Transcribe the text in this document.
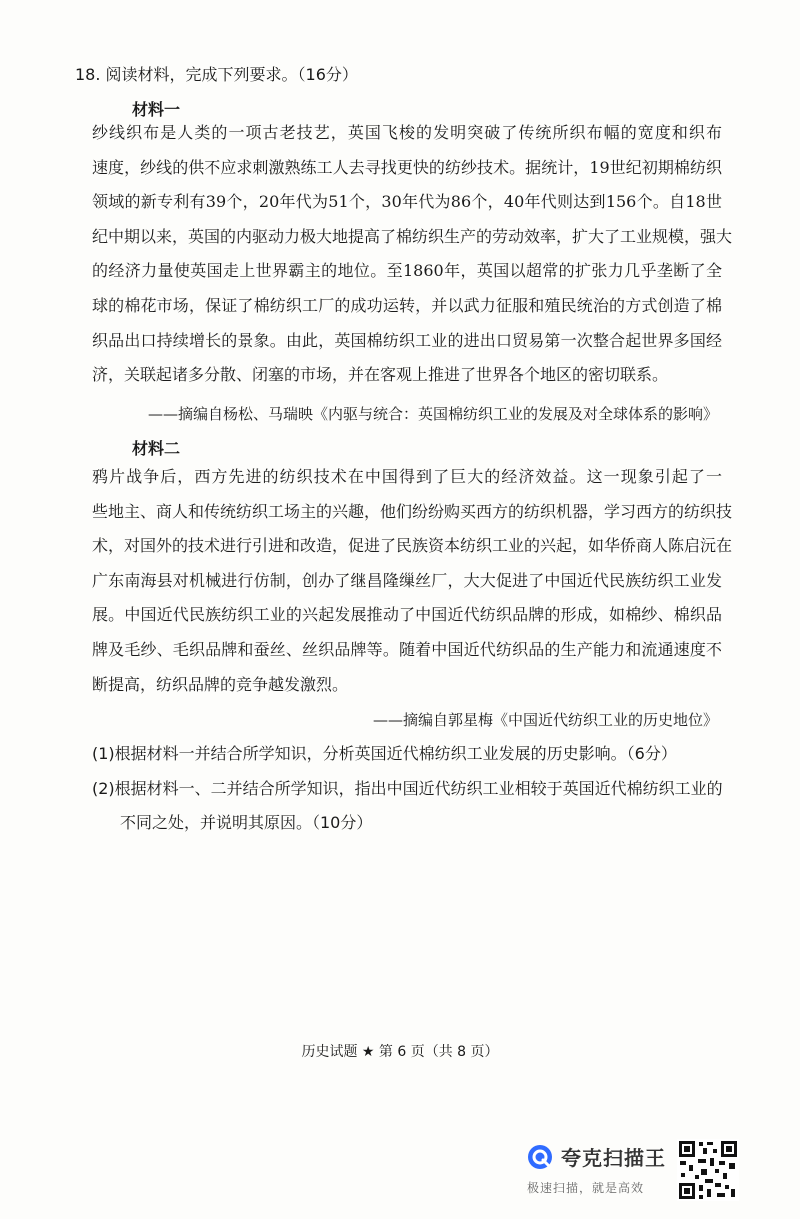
18. 阅读材料，完成下列要求。（16分）
材料一
纱线织布是人类的一项古老技艺，英国飞梭的发明突破了传统所织布幅的宽度和织布
速度，纱线的供不应求刺激熟练工人去寻找更快的纺纱技术。据统计，19世纪初期棉纺织
领域的新专利有39个，20年代为51个，30年代为86个，40年代则达到156个。自18世
纪中期以来，英国的内驱动力极大地提高了棉纺织生产的劳动效率，扩大了工业规模，强大
的经济力量使英国走上世界霸主的地位。至1860年，英国以超常的扩张力几乎垄断了全
球的棉花市场，保证了棉纺织工厂的成功运转，并以武力征服和殖民统治的方式创造了棉
织品出口持续增长的景象。由此，英国棉纺织工业的进出口贸易第一次整合起世界多国经
济，关联起诸多分散、闭塞的市场，并在客观上推进了世界各个地区的密切联系。
——摘编自杨松、马瑞映《内驱与统合：英国棉纺织工业的发展及对全球体系的影响》
材料二
鸦片战争后，西方先进的纺织技术在中国得到了巨大的经济效益。这一现象引起了一
些地主、商人和传统纺织工场主的兴趣，他们纷纷购买西方的纺织机器，学习西方的纺织技
术，对国外的技术进行引进和改造，促进了民族资本纺织工业的兴起，如华侨商人陈启沅在
广东南海县对机械进行仿制，创办了继昌隆缫丝厂，大大促进了中国近代民族纺织工业发
展。中国近代民族纺织工业的兴起发展推动了中国近代纺织品牌的形成，如棉纱、棉织品
牌及毛纱、毛织品牌和蚕丝、丝织品牌等。随着中国近代纺织品的生产能力和流通速度不
断提高，纺织品牌的竞争越发激烈。
——摘编自郭星梅《中国近代纺织工业的历史地位》
(1)根据材料一并结合所学知识，分析英国近代棉纺织工业发展的历史影响。（6分）
(2)根据材料一、二并结合所学知识，指出中国近代纺织工业相较于英国近代棉纺织工业的
不同之处，并说明其原因。（10分）
历史试题 ★ 第 6 页（共 8 页）
夸克扫描王
极速扫描，就是高效
